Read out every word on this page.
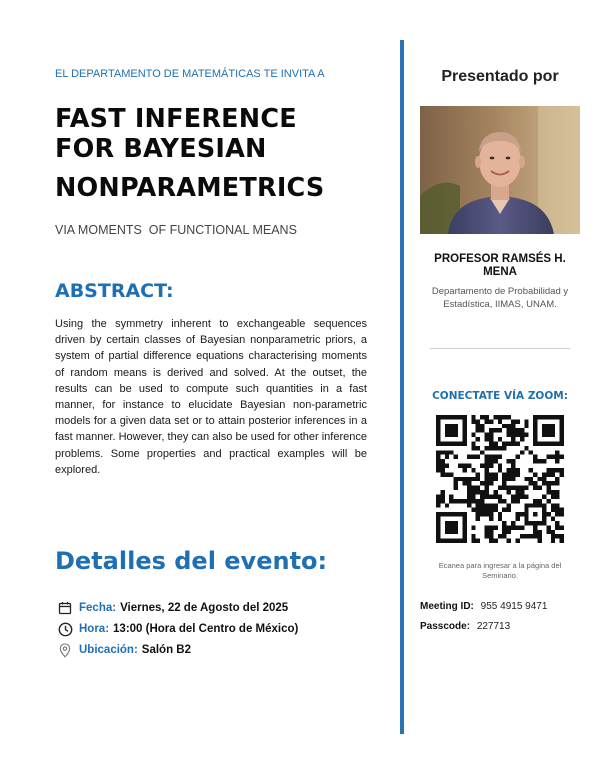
EL DEPARTAMENTO DE MATEMÁTICAS TE INVITA A
FAST INFERENCE
FOR BAYESIAN
NONPARAMETRICS
VIA MOMENTS  OF FUNCTIONAL MEANS
ABSTRACT:
Using the symmetry inherent to exchangeable sequences driven by certain classes of Bayesian nonparametric priors, a system of partial difference equations characterising moments of random means is derived and solved. At the outset, the results can be used to compute such quantities in a fast manner, for instance to elucidate Bayesian non-parametric models for a given data set or to attain posterior inferences in a fast manner. However, they can also be used for other inference problems. Some properties and practical examples will be explored.
Detalles del evento:
Fecha: Viernes, 22 de Agosto del 2025
Hora: 13:00 (Hora del Centro de México)
Ubicación: Salón B2
Presentado por
PROFESOR RAMSÉS H. MENA
Departamento de Probabilidad y Estadística, IIMAS, UNAM.
CONECTATE VÍA ZOOM:
Ecanea para ingresar a la página del Seminario.
Meeting ID: 955 4915 9471
Passcode: 227713
